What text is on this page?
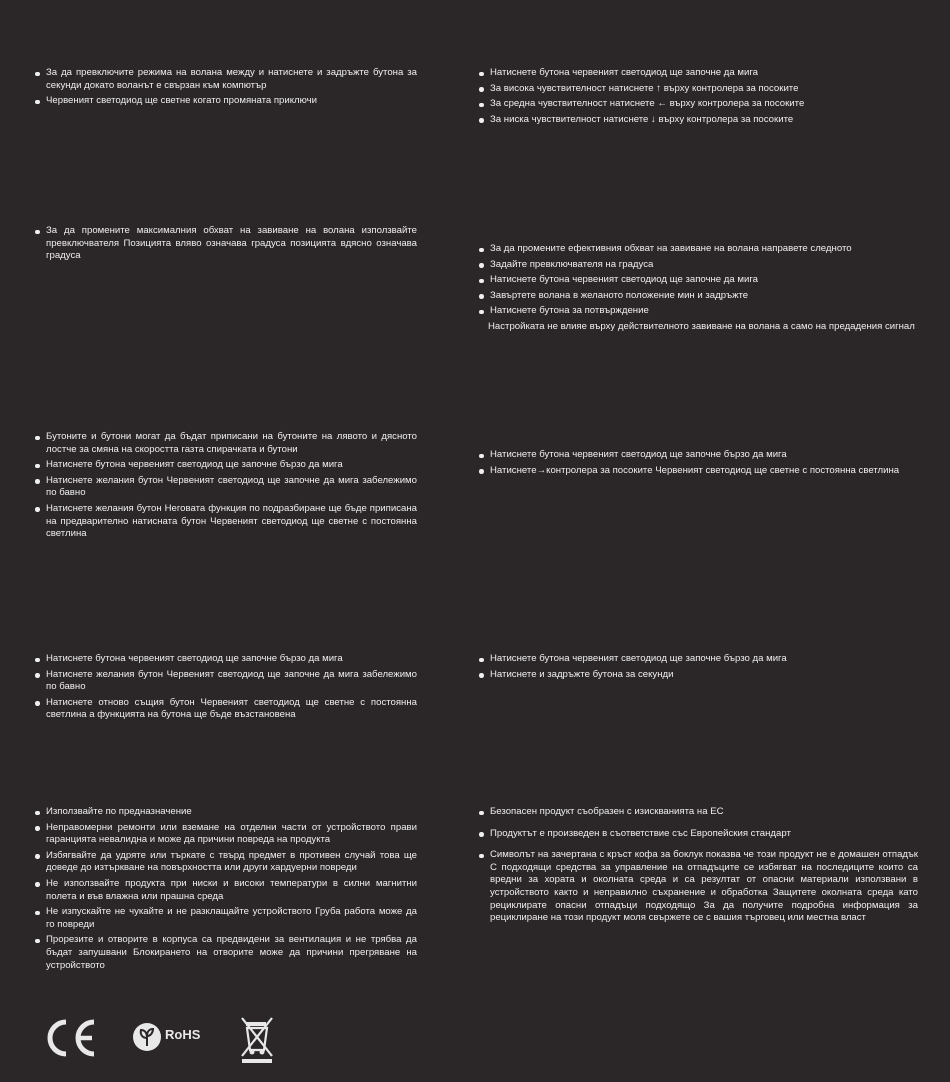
За да превключите режима на волана между и натиснете и задръжте бутона за секунди докато воланът е свързан към компютър
Червеният светодиод ще светне когато промяната приключи
Натиснете бутона червеният светодиод ще започне да мига
За висока чувствителност натиснете ↑ върху контролера за посоките
За средна чувствителност натиснете ← върху контролера за посоките
За ниска чувствителност натиснете ↓ върху контролера за посоките
За да промените максималния обхват на завиване на волана използвайте превключвателя Позицията вляво означава градуса позицията вдясно означава градуса
За да промените ефективния обхват на завиване на волана направете следното
Задайте превключвателя на градуса
Натиснете бутона червеният светодиод ще започне да мига
Завъртете волана в желаното положение мин и задръжте
Натиснете бутона за потвърждение
Настройката не влияе върху действителното завиване на волана а само на предадения сигнал
Бутоните и бутони могат да бъдат приписани на бутоните на лявото и дясното лостче за смяна на скоростта газта спирачката и бутони
Натиснете бутона червеният светодиод ще започне бързо да мига
Натиснете желания бутон Червеният светодиод ще започне да мига забележимо по бавно
Натиснете желания бутон Неговата функция по подразбиране ще бъде приписана на предварително натисната бутон Червеният светодиод ще светне с постоянна светлина
Натиснете бутона червеният светодиод ще започне бързо да мига
Натиснете→контролера за посоките Червеният светодиод ще светне с постоянна светлина
Натиснете бутона червеният светодиод ще започне бързо да мига
Натиснете желания бутон Червеният светодиод ще започне да мига забележимо по бавно
Натиснете отново същия бутон Червеният светодиод ще светне с постоянна светлина а функцията на бутона ще бъде възстановена
Натиснете бутона червеният светодиод ще започне бързо да мига
Натиснете и задръжте бутона за секунди
Използвайте по предназначение
Неправомерни ремонти или вземане на отделни части от устройството прави гаранцията невалидна и може да причини повреда на продукта
Избягвайте да удряте или търкате с твърд предмет в противен случай това ще доведе до изтъркване на повърхността или други хардуерни повреди
Не използвайте продукта при ниски и високи температури в силни магнитни полета и във влажна или прашна среда
Не изпускайте не чукайте и не разклащайте устройството Груба работа може да го повреди
Прорезите и отворите в корпуса са предвидени за вентилация и не трябва да бъдат запушвани Блокирането на отворите може да причини прегряване на устройството
Безопасен продукт съобразен с изискванията на ЕС
Продуктът е произведен в съответствие със Европейския стандарт
Символът на зачертана с кръст кофа за боклук показва че този продукт не е домашен отпадък С подходящи средства за управление на отпадъците се избягват на последиците които са вредни за хората и околната среда и са резултат от опасни материали използвани в устройството както и неправилно съхранение и обработка Защитете околната среда като рециклирате опасни отпадъци подходящо За да получите подробна информация за рециклиране на този продукт моля свържете се с вашия търговец или местна власт
RoHS
